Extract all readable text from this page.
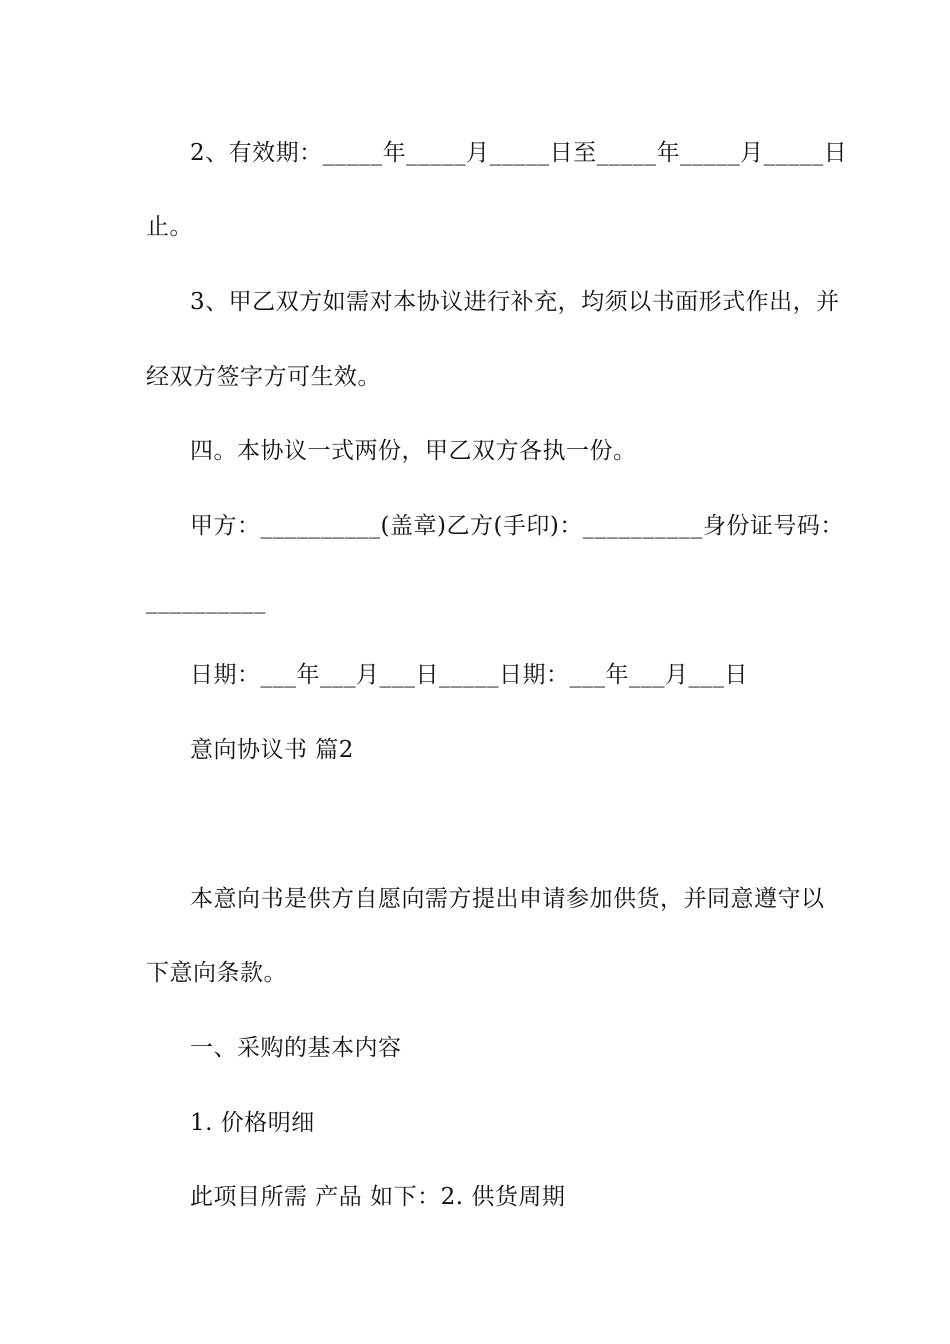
2、有效期：_____年_____月_____日至_____年_____月_____日
止。
3、甲乙双方如需对本协议进行补充，均须以书面形式作出，并
经双方签字方可生效。
四。本协议一式两份，甲乙双方各执一份。
甲方：__________(盖章)乙方(手印)：__________身份证号码：
__________
日期：___年___月___日_____日期：___年___月___日
意向协议书 篇2
本意向书是供方自愿向需方提出申请参加供货，并同意遵守以
下意向条款。
一、采购的基本内容
1. 价格明细
此项目所需 产品 如下：2. 供货周期
